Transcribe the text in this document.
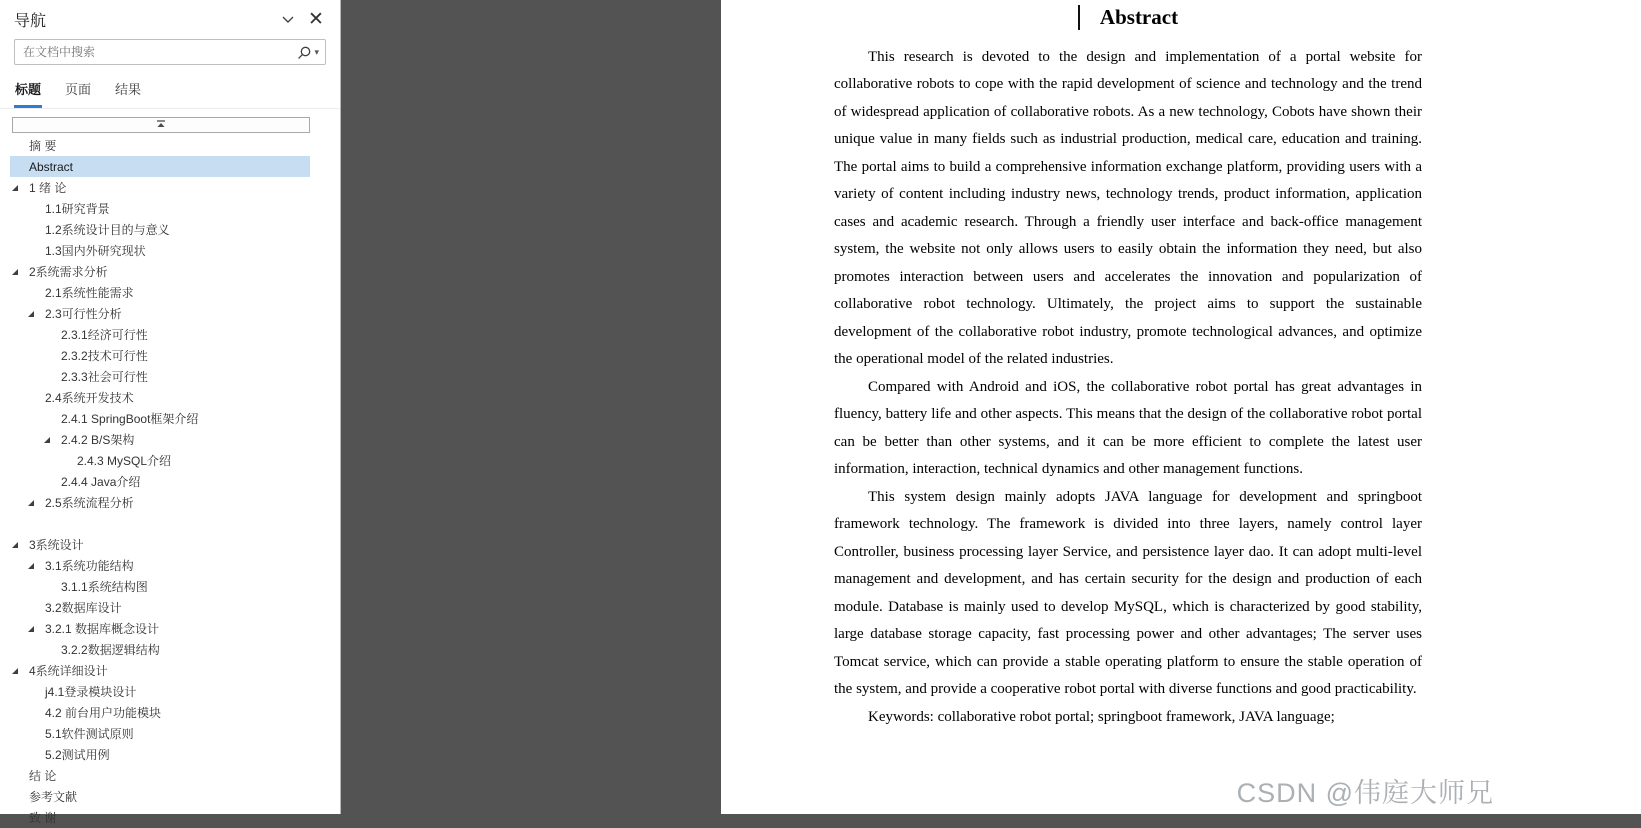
导航	✕
在文档中搜索
▾
标题 页面 结果
摘 要
Abstract
1 绪 论
1.1研究背景
1.2系统设计目的与意义
1.3国内外研究现状
2系统需求分析
2.1系统性能需求
2.3可行性分析
2.3.1经济可行性
2.3.2技术可行性
2.3.3社会可行性
2.4系统开发技术
2.4.1 SpringBoot框架介绍
2.4.2 B/S架构
2.4.3 MySQL介绍
2.4.4 Java介绍
2.5系统流程分析
3系统设计
3.1系统功能结构
3.1.1系统结构图
3.2数据库设计
3.2.1 数据库概念设计
3.2.2数据逻辑结构
4系统详细设计
j4.1登录模块设计
4.2 前台用户功能模块
5.1软件测试原则
5.2测试用例
结 论
参考文献
致 谢
Abstract

This research is devoted to the design and implementation of a portal website for collaborative robots to cope with the rapid development of science and technology and the trend of widespread application of collaborative robots. As a new technology, Cobots have shown their unique value in many fields such as industrial production, medical care, education and training. The portal aims to build a comprehensive information exchange platform, providing users with a variety of content including industry news, technology trends, product information, application cases and academic research. Through a friendly user interface and back-office management system, the website not only allows users to easily obtain the information they need, but also promotes interaction between users and accelerates the innovation and popularization of collaborative robot technology. Ultimately, the project aims to support the sustainable development of the collaborative robot industry, promote technological advances, and optimize the operational model of the related industries.

Compared with Android and iOS, the collaborative robot portal has great advantages in fluency, battery life and other aspects. This means that the design of the collaborative robot portal can be better than other systems, and it can be more efficient to complete the latest user information, interaction, technical dynamics and other management functions.

This system design mainly adopts JAVA language for development and springboot framework technology. The framework is divided into three layers, namely control layer Controller, business processing layer Service, and persistence layer dao. It can adopt multi-level management and development, and has certain security for the design and production of each module. Database is mainly used to develop MySQL, which is characterized by good stability, large database storage capacity, fast processing power and other advantages; The server uses Tomcat service, which can provide a stable operating platform to ensure the stable operation of the system, and provide a cooperative robot portal with diverse functions and good practicability.

Keywords: collaborative robot portal; springboot framework, JAVA language;

CSDN @伟庭大师兄
